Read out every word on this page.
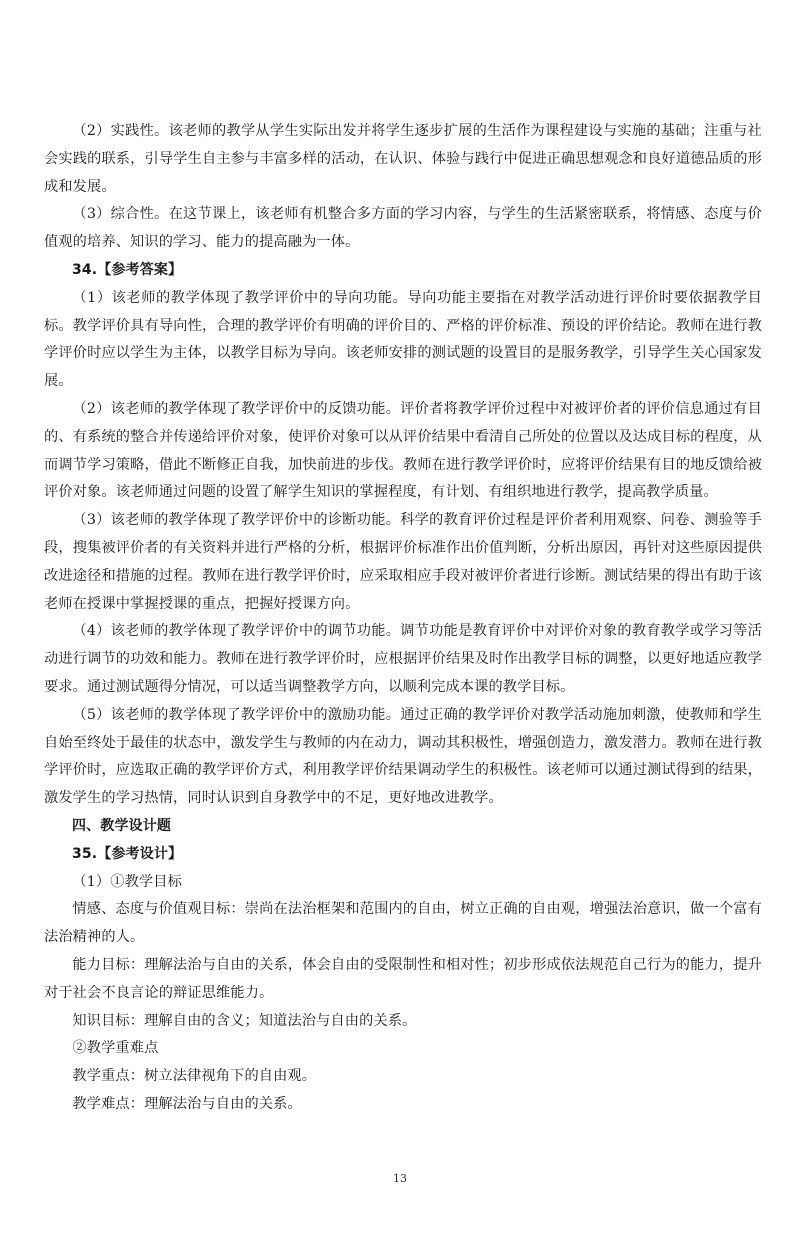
（2）实践性。该老师的教学从学生实际出发并将学生逐步扩展的生活作为课程建设与实施的基础；注重与社会实践的联系，引导学生自主参与丰富多样的活动，在认识、体验与践行中促进正确思想观念和良好道德品质的形成和发展。

（3）综合性。在这节课上，该老师有机整合多方面的学习内容，与学生的生活紧密联系，将情感、态度与价值观的培养、知识的学习、能力的提高融为一体。

34.【参考答案】

（1）该老师的教学体现了教学评价中的导向功能。导向功能主要指在对教学活动进行评价时要依据教学目标。教学评价具有导向性，合理的教学评价有明确的评价目的、严格的评价标准、预设的评价结论。教师在进行教学评价时应以学生为主体，以教学目标为导向。该老师安排的测试题的设置目的是服务教学，引导学生关心国家发展。

（2）该老师的教学体现了教学评价中的反馈功能。评价者将教学评价过程中对被评价者的评价信息通过有目的、有系统的整合并传递给评价对象，使评价对象可以从评价结果中看清自己所处的位置以及达成目标的程度，从而调节学习策略，借此不断修正自我，加快前进的步伐。教师在进行教学评价时，应将评价结果有目的地反馈给被评价对象。该老师通过问题的设置了解学生知识的掌握程度，有计划、有组织地进行教学，提高教学质量。

（3）该老师的教学体现了教学评价中的诊断功能。科学的教育评价过程是评价者利用观察、问卷、测验等手段，搜集被评价者的有关资料并进行严格的分析，根据评价标准作出价值判断，分析出原因，再针对这些原因提供改进途径和措施的过程。教师在进行教学评价时，应采取相应手段对被评价者进行诊断。测试结果的得出有助于该老师在授课中掌握授课的重点，把握好授课方向。

（4）该老师的教学体现了教学评价中的调节功能。调节功能是教育评价中对评价对象的教育教学或学习等活动进行调节的功效和能力。教师在进行教学评价时，应根据评价结果及时作出教学目标的调整，以更好地适应教学要求。通过测试题得分情况，可以适当调整教学方向，以顺利完成本课的教学目标。

（5）该老师的教学体现了教学评价中的激励功能。通过正确的教学评价对教学活动施加刺激，使教师和学生自始至终处于最佳的状态中，激发学生与教师的内在动力，调动其积极性，增强创造力，激发潜力。教师在进行教学评价时，应选取正确的教学评价方式，利用教学评价结果调动学生的积极性。该老师可以通过测试得到的结果，激发学生的学习热情，同时认识到自身教学中的不足，更好地改进教学。

四、教学设计题

35.【参考设计】

（1）①教学目标

情感、态度与价值观目标：崇尚在法治框架和范围内的自由，树立正确的自由观，增强法治意识，做一个富有法治精神的人。

能力目标：理解法治与自由的关系，体会自由的受限制性和相对性；初步形成依法规范自己行为的能力，提升对于社会不良言论的辩证思维能力。

知识目标：理解自由的含义；知道法治与自由的关系。

②教学重难点

教学重点：树立法律视角下的自由观。

教学难点：理解法治与自由的关系。

13
